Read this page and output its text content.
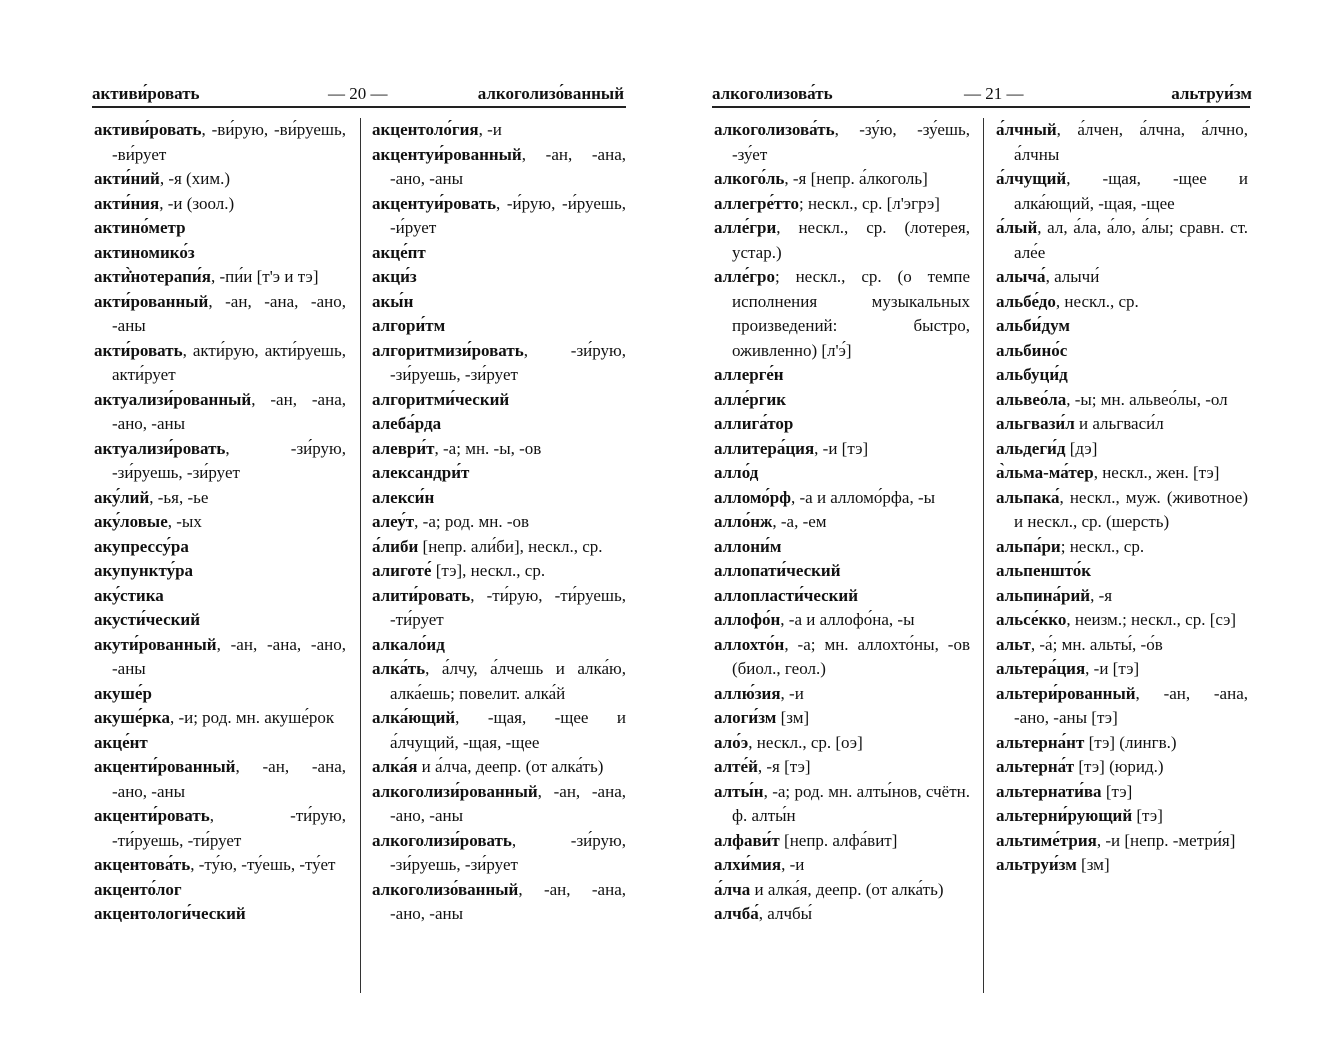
активи́ровать	— 20 —	алкоголизо́ванный
активи́ровать, -ви́рую, -ви́руешь, -ви́рует
акти́ний, -я (хим.)
акти́ния, -и (зоол.)
актино́метр
актиномико́з
акти̇̀нотерапи́я, -пи́и [т'э и тэ]
акти́рованный, -ан, -ана, -ано, -аны
акти́ровать, акти́рую, акти́руешь, акти́рует
актуализи́рованный, -ан, -ана, -ано, -аны
актуализи́ровать, -зи́рую, -зи́руешь, -зи́рует
аку́лий, -ья, -ье
аку́ловые, -ых
акупрессу́ра
акупункту́ра
аку́стика
акусти́ческий
акути́рованный, -ан, -ана, -ано, -аны
акуше́р
акуше́рка, -и; род. мн. акуше́рок
акце́нт
акценти́рованный, -ан, -ана, -ано, -аны
акценти́ровать, -ти́рую, -ти́руешь, -ти́рует
акцентова́ть, -ту́ю, -ту́ешь, -ту́ет
акценто́лог
акцентологи́ческий
акцентоло́гия, -и
акцентуи́рованный, -ан, -ана, -ано, -аны
акцентуи́ровать, -и́рую, -и́руешь, -и́рует
акце́пт
акци́з
акы́н
алгори́тм
алгоритмизи́ровать, -зи́рую, -зи́руешь, -зи́рует
алгоритми́ческий
алеба́рда
алеври́т, -а; мн. -ы, -ов
александри́т
алекси́н
алеу́т, -а; род. мн. -ов
а́либи [непр. али́би], нескл., ср.
алиготе́ [тэ], нескл., ср.
алити́ровать, -ти́рую, -ти́руешь, -ти́рует
алкало́ид
алка́ть, а́лчу, а́лчешь и алка́ю, алка́ешь; повелит. алка́й
алка́ющий, -щая, -щее и а́лчущий, -щая, -щее
алка́я и а́лча, деепр. (от алка́ть)
алкоголизи́рованный, -ан, -ана, -ано, -аны
алкоголизи́ровать, -зи́рую, -зи́руешь, -зи́рует
алкоголизо́ванный, -ан, -ана, -ано, -аны
алкоголизова́ть	— 21 —	альтруи́зм
алкоголизова́ть, -зу́ю, -зу́ешь, -зу́ет
алкого́ль, -я [непр. а́лкоголь]
аллегре́тто; нескл., ср. [л'эгрэ]
алле́гри, нескл., ср. (лотерея, устар.)
алле́гро; нескл., ср. (о темпе исполнения музыкальных произведений: быстро, оживленно) [л'э́]
аллерге́н
алле́ргик
аллига́тор
аллитера́ция, -и [тэ]
алло́д
алломо́рф, -а и алломо́рфа, -ы
алло́нж, -а, -ем
аллони́м
аллопати́ческий
аллопласти́ческий
аллофо́н, -а и аллофо́на, -ы
аллохто́н, -а; мн. аллохто́ны, -ов (биол., геол.)
аллю́зия, -и
алоги́зм [зм]
ало́э, нескл., ср. [оэ]
алте́й, -я [тэ]
алты́н, -а; род. мн. алты́нов, счётн. ф. алты́н
алфави́т [непр. алфа́вит]
алхи́мия, -и
а́лча и алка́я, деепр. (от алка́ть)
алчба́, алчбы́
а́лчный, а́лчен, а́лчна, а́лчно, а́лчны
а́лчущий, -щая, -щее и алка́ющий, -щая, -щее
а́лый, ал, а́ла, а́ло, а́лы; сравн. ст. але́е
алыча́, алычи́
альбе́до, нескл., ср.
альби́дум
альбино́с
альбуци́д
альвео́ла, -ы; мн. альвео́лы, -ол
альгвази́л и альгваси́л
альдеги́д [дэ]
а̀льма-ма́тер, нескл., жен. [тэ]
альпака́, нескл., муж. (животное) и нескл., ср. (шерсть)
альпа́ри; нескл., ср.
альпеншто́к
альпина́рий, -я
альсе́кко, неизм.; нескл., ср. [сэ]
альт, -а́; мн. альты́, -о́в
альтера́ция, -и [тэ]
альтери́рованный, -ан, -ана, -ано, -аны [тэ]
альтерна́нт [тэ] (лингв.)
альтерна́т [тэ] (юрид.)
альтернати́ва [тэ]
альтерни́рующий [тэ]
альтиме́трия, -и [непр. -метри́я]
альтруи́зм [зм]
